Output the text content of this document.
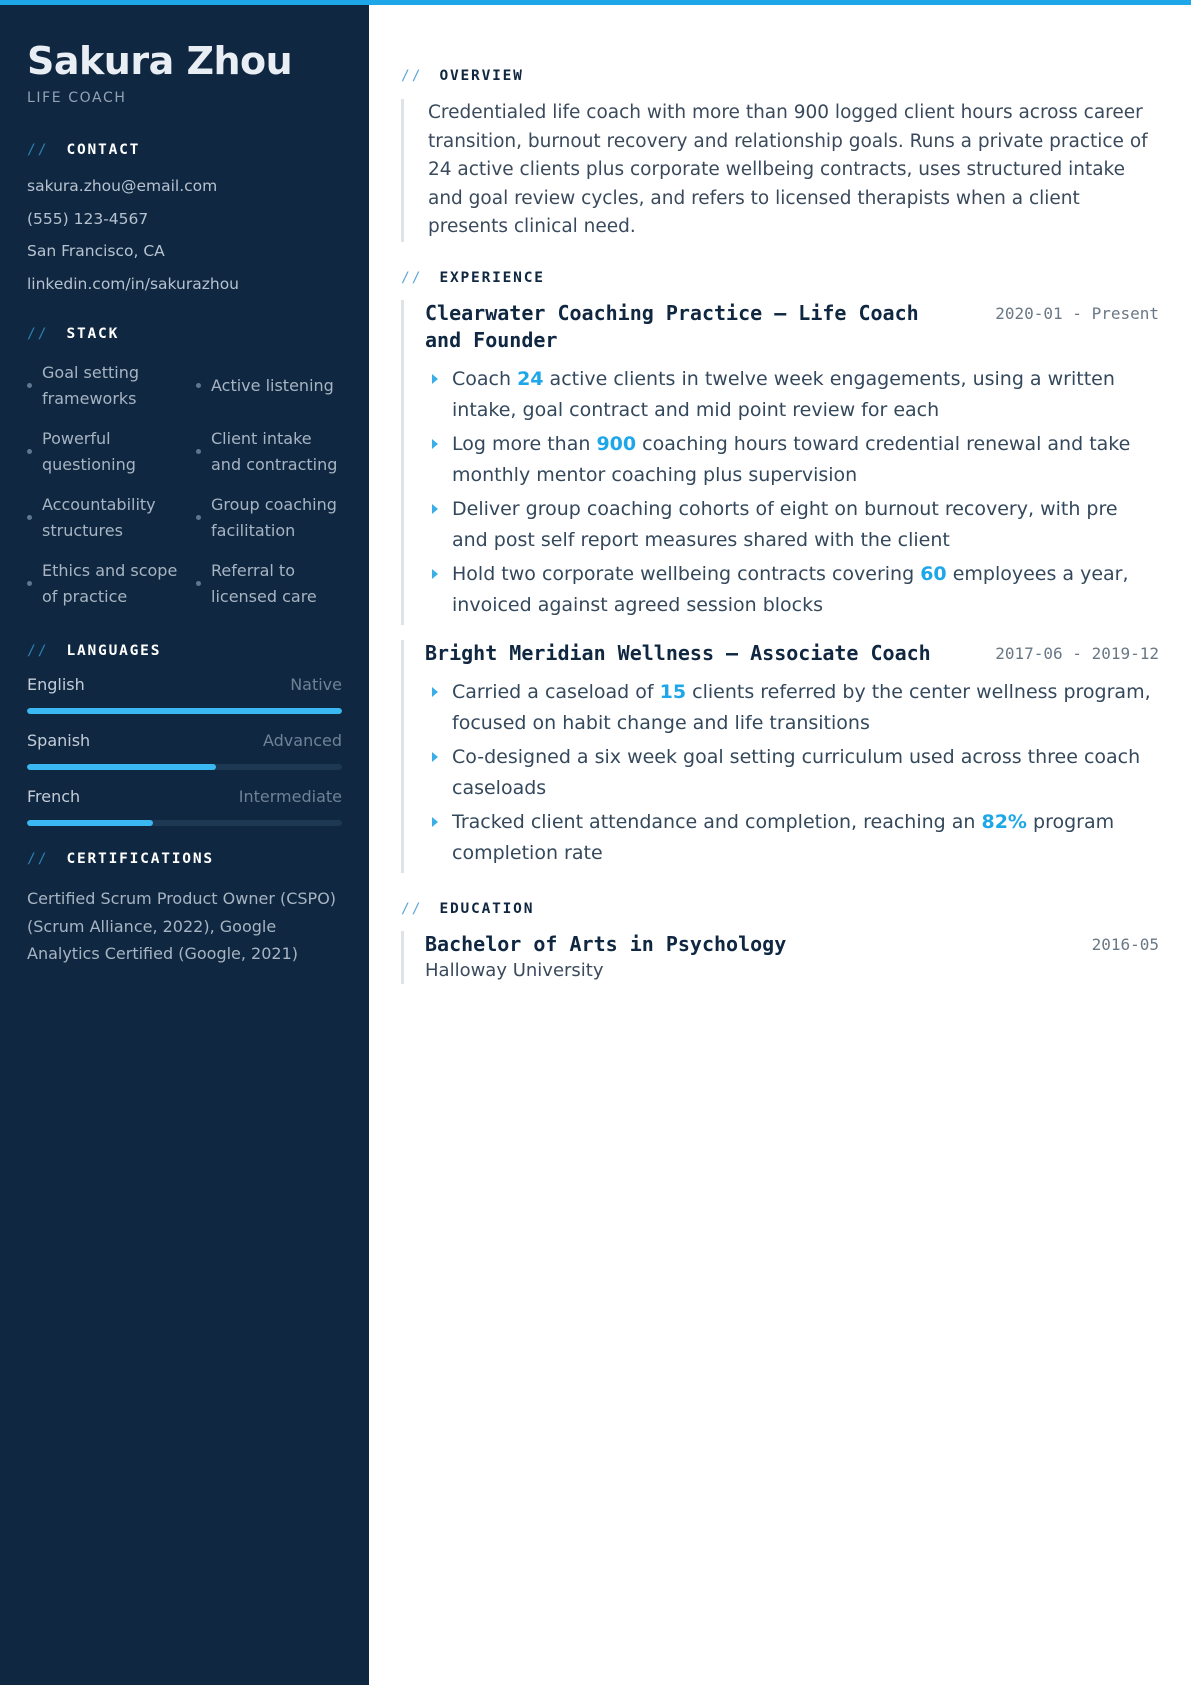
Sakura Zhou
LIFE COACH
// CONTACT
sakura.zhou@email.com
(555) 123-4567
San Francisco, CA
linkedin.com/in/sakurazhou
// STACK
Goal setting frameworks
Active listening
Powerful questioning
Client intake and contracting
Accountability structures
Group coaching facilitation
Ethics and scope of practice
Referral to licensed care
// LANGUAGES
English	Native
Spanish	Advanced
French	Intermediate
// CERTIFICATIONS

Certified Scrum Product Owner (CSPO) (Scrum Alliance, 2022), Google Analytics Certified (Google, 2021)

// OVERVIEW

Credentialed life coach with more than 900 logged client hours across career transition, burnout recovery and relationship goals. Runs a private practice of 24 active clients plus corporate wellbeing contracts, uses structured intake and goal review cycles, and refers to licensed therapists when a client presents clinical need.

// EXPERIENCE
Clearwater Coaching Practice — Life Coach and Founder
2020-01 - Present
Coach 24 active clients in twelve week engagements, using a written intake, goal contract and mid point review for each
Log more than 900 coaching hours toward credential renewal and take monthly mentor coaching plus supervision
Deliver group coaching cohorts of eight on burnout recovery, with pre and post self report measures shared with the client
Hold two corporate wellbeing contracts covering 60 employees a year, invoiced against agreed session blocks
Bright Meridian Wellness — Associate Coach	2017-06 - 2019-12
Carried a caseload of 15 clients referred by the center wellness program, focused on habit change and life transitions
Co-designed a six week goal setting curriculum used across three coach caseloads
Tracked client attendance and completion, reaching an 82% program completion rate
// EDUCATION
Bachelor of Arts in Psychology	2016-05
Halloway University
